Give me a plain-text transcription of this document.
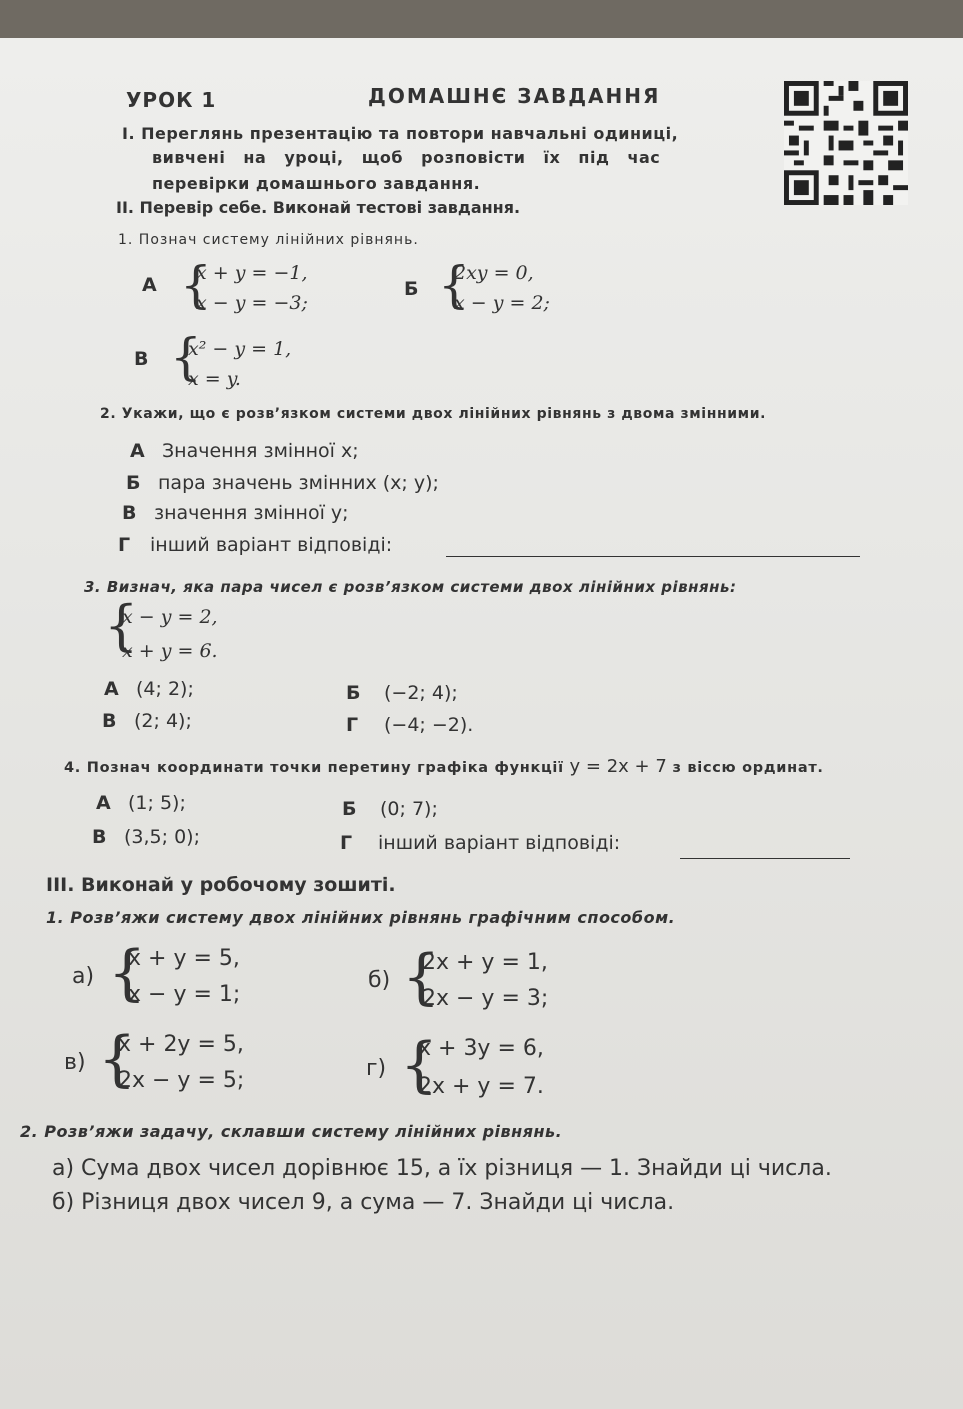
УРОК 1	ДОМАШНЄ ЗАВДАННЯ
І. Переглянь презентацію та повтори навчальні одиниці,
вивчені на уроці, щоб розповісти їх під час
перевірки домашнього завдання.
ІІ. Перевір себе. Виконай тестові завдання.
1. Познач систему лінійних рівнянь.
А {
x + y = −1,
x − y = −3;
Б {
2xy = 0,
x − y = 2;
В {
x² − y = 1,
x = y.
2. Укажи, що є розв’язком системи двох лінійних рівнянь з двома змінними.
А Значення змінної x;
Б пара значень змінних (x; y);
В значення змінної y;
Г інший варіант відповіді:
3. Визнач, яка пара чисел є розв’язком системи двох лінійних рівнянь:
{
x − y = 2,
x + y = 6.
А (4; 2);	Б (−2; 4);
В (2; 4);	Г (−4; −2).
4. Познач координати точки перетину графіка функції y = 2x + 7 з віссю ординат.
А (1; 5);	Б (0; 7);
В (3,5; 0);	Г інший варіант відповіді:
ІІІ. Виконай у робочому зошиті.
1. Розв’яжи систему двох лінійних рівнянь графічним способом.
а) {
x + y = 5,
x − y = 1;
б) {
2x + y = 1,
2x − y = 3;
в) {
x + 2y = 5,
2x − y = 5;	г) {
x + 3y = 6,
2x + y = 7.
2. Розв’яжи задачу, склавши систему лінійних рівнянь.
а) Сума двох чисел дорівнює 15, а їх різниця — 1. Знайди ці числа.
б) Різниця двох чисел 9, а сума — 7. Знайди ці числа.
